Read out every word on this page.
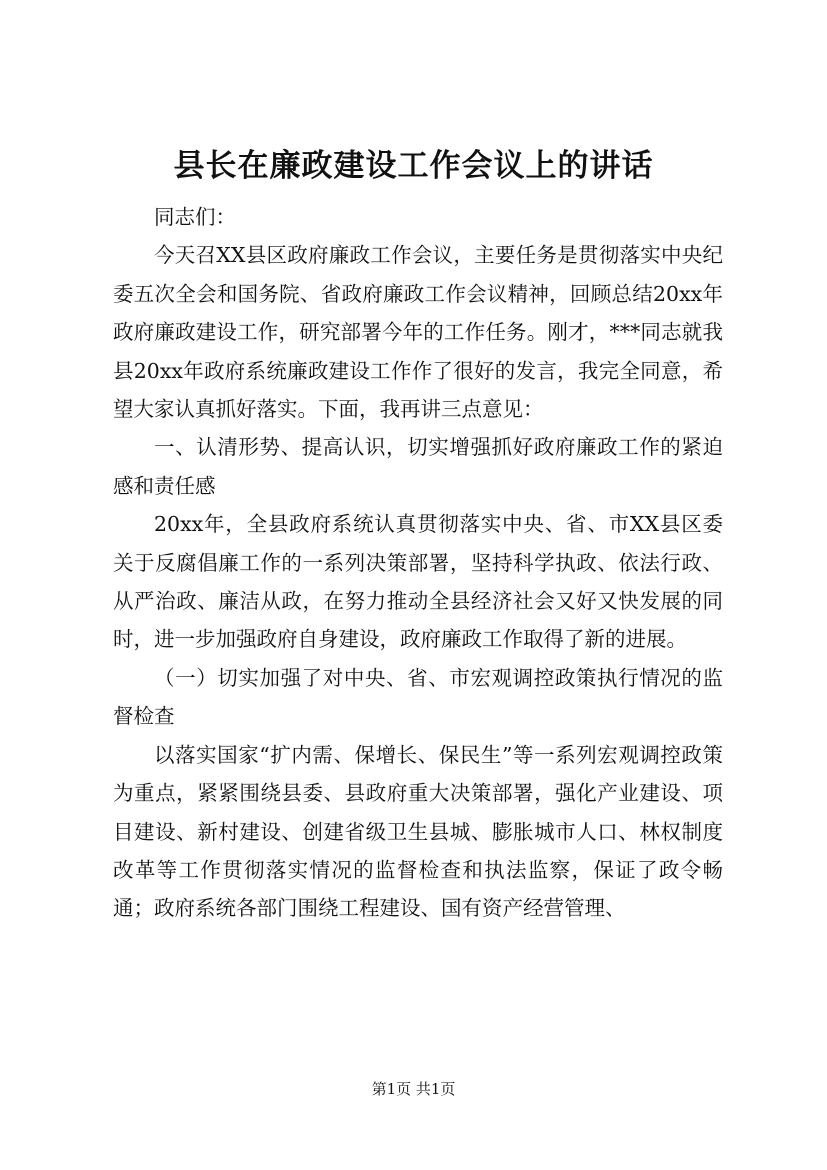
县长在廉政建设工作会议上的讲话

同志们：

今天召XX县区政府廉政工作会议，主要任务是贯彻落实中央纪委五次全会和国务院、省政府廉政工作会议精神，回顾总结20xx年政府廉政建设工作，研究部署今年的工作任务。刚才，***同志就我县20xx年政府系统廉政建设工作作了很好的发言，我完全同意，希望大家认真抓好落实。下面，我再讲三点意见：

一、认清形势、提高认识，切实增强抓好政府廉政工作的紧迫感和责任感

20xx年，全县政府系统认真贯彻落实中央、省、市XX县区委关于反腐倡廉工作的一系列决策部署，坚持科学执政、依法行政、从严治政、廉洁从政，在努力推动全县经济社会又好又快发展的同时，进一步加强政府自身建设，政府廉政工作取得了新的进展。

（一）切实加强了对中央、省、市宏观调控政策执行情况的监督检查

以落实国家“扩内需、保增长、保民生”等一系列宏观调控政策为重点，紧紧围绕县委、县政府重大决策部署，强化产业建设、项目建设、新村建设、创建省级卫生县城、膨胀城市人口、林权制度改革等工作贯彻落实情况的监督检查和执法监察，保证了政令畅通；政府系统各部门围绕工程建设、国有资产经营管理、

第1页 共1页
